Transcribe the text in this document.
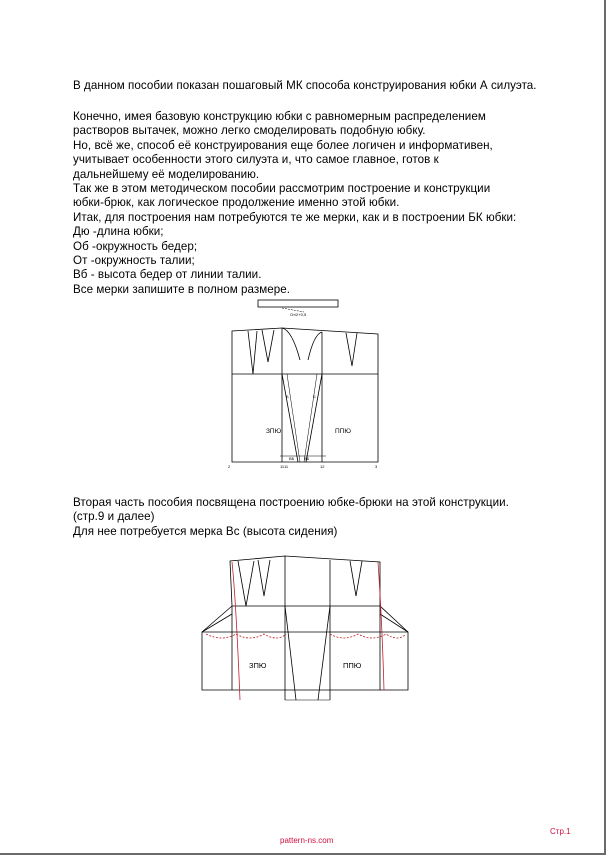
В данном пособии показан пошаговый МК способа конструирования юбки А силуэта.

Конечно, имея базовую конструкцию юбки с равномерным распределением

растворов вытачек, можно легко смоделировать подобную юбку.

Но, всё же, способ её конструирования еще более логичен и информативен,

учитывает особенности этого силуэта и, что самое главное, готов к

дальнейшему её моделированию.

Так же в этом методическом пособии рассмотрим построение и конструкции

юбки-брюк, как логическое продолжение именно этой юбки.

Итак, для построения нам потребуются те же мерки, как и в построении БК юбки:

Дю -длина юбки;

Об -окружность бедер;

От -окружность талии;

Вб - высота бедер от линии талии.

Все мерки запишите в полном размере.

ЗПЮ	ППЮ
От/2+0,5
2	11 11	12	3
Б	Б
ВБ ВБ

Вторая часть пособия посвящена построению юбке-брюки на этой конструкции.

(стр.9 и далее)

Для нее потребуется мерка Вс (высота сидения)

ЗПЮ	ППЮ
pattern-ns.com
Стр.1
